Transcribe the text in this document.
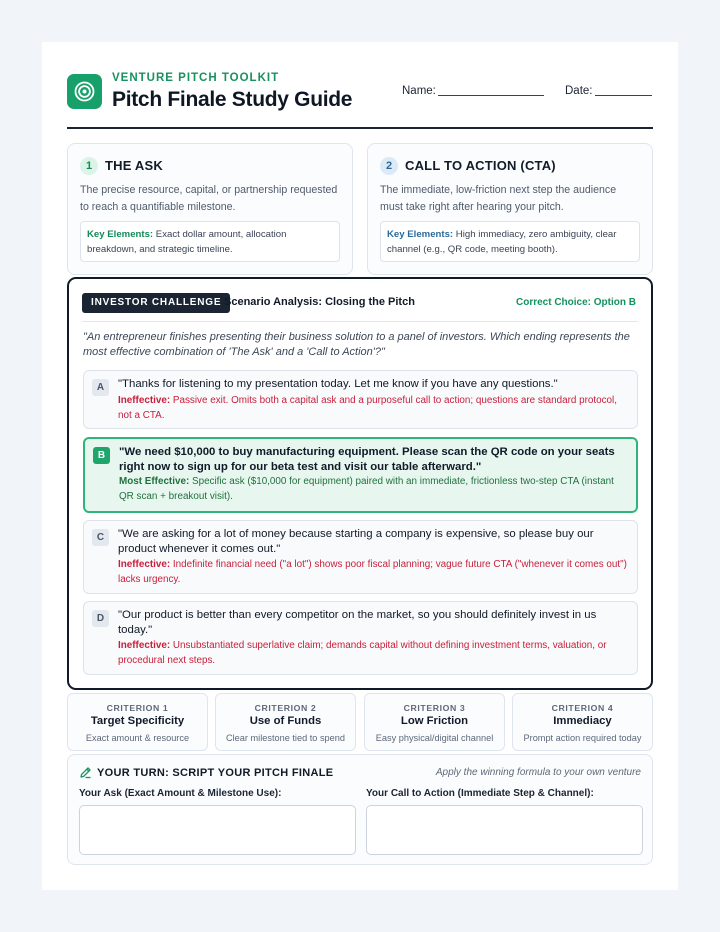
VENTURE PITCH TOOLKIT
Pitch Finale Study Guide	Name:	Date:
1 THE ASK
The precise resource, capital, or partnership requested to reach a quantifiable milestone.
Key Elements: Exact dollar amount, allocation breakdown, and strategic timeline.
2 CALL TO ACTION (CTA)
The immediate, low-friction next step the audience must take right after hearing your pitch.
Key Elements: High immediacy, zero ambiguity, clear channel (e.g., QR code, meeting booth).
INVESTOR CHALLENGE Scenario Analysis: Closing the Pitch	Correct Choice: Option B
"An entrepreneur finishes presenting their business solution to a panel of investors. Which ending represents the most effective combination of 'The Ask' and a 'Call to Action'?"
A	"Thanks for listening to my presentation today. Let me know if you have any questions."
Ineffective: Passive exit. Omits both a capital ask and a purposeful call to action; questions are standard protocol, not a CTA.
B	"We need $10,000 to buy manufacturing equipment. Please scan the QR code on your seats right now to sign up for our beta test and visit our table afterward."
Most Effective: Specific ask ($10,000 for equipment) paired with an immediate, frictionless two-step CTA (instant QR scan + breakout visit).
C	"We are asking for a lot of money because starting a company is expensive, so please buy our product whenever it comes out."
Ineffective: Indefinite financial need ("a lot") shows poor fiscal planning; vague future CTA ("whenever it comes out") lacks urgency.
D	"Our product is better than every competitor on the market, so you should definitely invest in us today."
Ineffective: Unsubstantiated superlative claim; demands capital without defining investment terms, valuation, or procedural next steps.
CRITERION 1
Target Specificity
Exact amount & resource
CRITERION 2
Use of Funds
Clear milestone tied to spend
CRITERION 3
Low Friction
Easy physical/digital channel
CRITERION 4
Immediacy
Prompt action required today
YOUR TURN: SCRIPT YOUR PITCH FINALE	Apply the winning formula to your own venture
Your Ask (Exact Amount & Milestone Use):	Your Call to Action (Immediate Step & Channel):
